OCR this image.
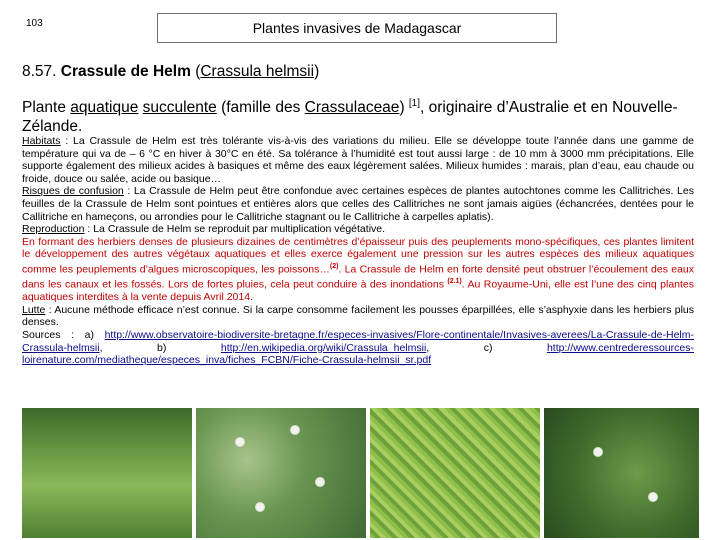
103	Plantes invasives de Madagascar
8.57. Crassule de Helm (Crassula helmsii)
Plante aquatique succulente (famille des Crassulaceae) [1], originaire d’Australie et en Nouvelle-Zélande.

Habitats : La Crassule de Helm est très tolérante vis-à-vis des variations du milieu. Elle se développe toute l’année dans une gamme de température qui va de – 6 °C en hiver à 30°C en été. Sa tolérance à l’humidité est tout aussi large : de 10 mm à 3000 mm précipitations. Elle supporte également des milieux acides à basiques et même des eaux légèrement salées. Milieux humides : marais, plan d’eau, eau chaude ou froide, douce ou salée, acide ou basique…

Risques de confusion : La Crassule de Helm peut être confondue avec certaines espèces de plantes autochtones comme les Callitriches. Les feuilles de la Crassule de Helm sont pointues et entières alors que celles des Callitriches ne sont jamais aigües (échancrées, dentées pour le Callitriche en hameçons, ou arrondies pour le Callitriche stagnant ou le Callitriche à carpelles aplatis).

Reproduction : La Crassule de Helm se reproduit par multiplication végétative.

En formant des herbiers denses de plusieurs dizaines de centimètres d’épaisseur puis des peuplements mono-spécifiques, ces plantes limitent le développement des autres végétaux aquatiques et elles exerce également une pression sur les autres espèces des milieux aquatiques comme les peuplements d’algues microscopiques, les poissons…$^{(2)}$. La Crassule de Helm en forte densité peut obstruer l’écoulement des eaux dans les canaux et les fossés. Lors de fortes pluies, cela peut conduire à des inondations $^{(2.1)}$. Au Royaume-Uni, elle est l’une des cinq plantes aquatiques interdites à la vente depuis Avril 2014.

Lutte : Aucune méthode efficace n’est connue. Si la carpe consomme facilement les pousses éparpillées, elle s’asphyxie dans les herbiers plus denses.

Sources : a) http://www.observatoire-biodiversite-bretagne.fr/especes-invasives/Flore-continentale/Invasives-averees/La-Crassule-de-Helm-Crassula-helmsii, b) http://en.wikipedia.org/wiki/Crassula_helmsii, c) http://www.centrederessources-loirenature.com/mediatheque/especes_inva/fiches_FCBN/Fiche-Crassula-helmsii_sr.pdf
